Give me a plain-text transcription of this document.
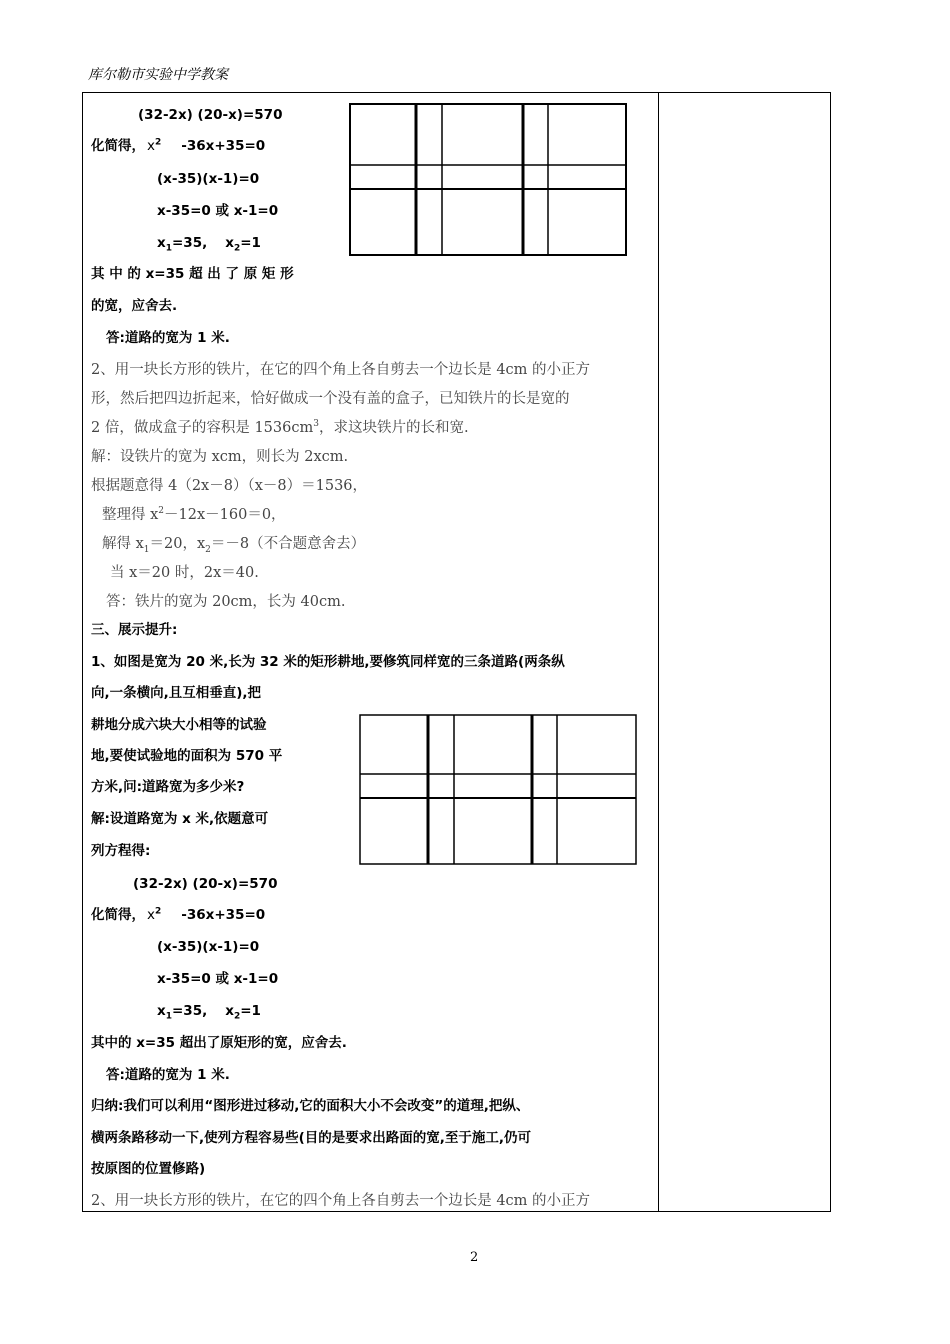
库尔勒市实验中学教案
(32-2x) (20-x)=570
化简得， $x^2$ -36x+35=0
(x-35)(x-1)=0
x-35=0 或 x-1=0
$x_1=35$, $x_2=1$
其 中 的 x=35 超 出 了 原 矩 形
的宽，应舍去.
答:道路的宽为 1 米.
2、用一块长方形的铁片，在它的四个角上各自剪去一个边长是 4cm 的小正方
形，然后把四边折起来，恰好做成一个没有盖的盒子，已知铁片的长是宽的
2 倍，做成盒子的容积是 $1536cm^3$，求这块铁片的长和宽.
解：设铁片的宽为 xcm，则长为 2xcm.
根据题意得 4（2x－8）（x－8）＝1536，
整理得 $x^2-12x-160=0$，
解得 $x_1=20$，$x_2=-8$（不合题意舍去）
当 x＝20 时，2x＝40.
答：铁片的宽为 20cm，长为 40cm.
三、展示提升:
1、如图是宽为 20 米,长为 32 米的矩形耕地,要修筑同样宽的三条道路(两条纵
向,一条横向,且互相垂直),把
耕地分成六块大小相等的试验
地,要使试验地的面积为 570 平
方米,问:道路宽为多少米?
解:设道路宽为 x 米,依题意可
列方程得:
(32-2x) (20-x)=570
化简得， $x^2$ -36x+35=0
(x-35)(x-1)=0
x-35=0 或 x-1=0
$x_1=35$, $x_2=1$
其中的 x=35 超出了原矩形的宽，应舍去.
答:道路的宽为 1 米.
归纳:我们可以利用“图形进过移动,它的面积大小不会改变”的道理,把纵、
横两条路移动一下,使列方程容易些(目的是要求出路面的宽,至于施工,仍可
按原图的位置修路)
2、用一块长方形的铁片，在它的四个角上各自剪去一个边长是 4cm 的小正方
2
